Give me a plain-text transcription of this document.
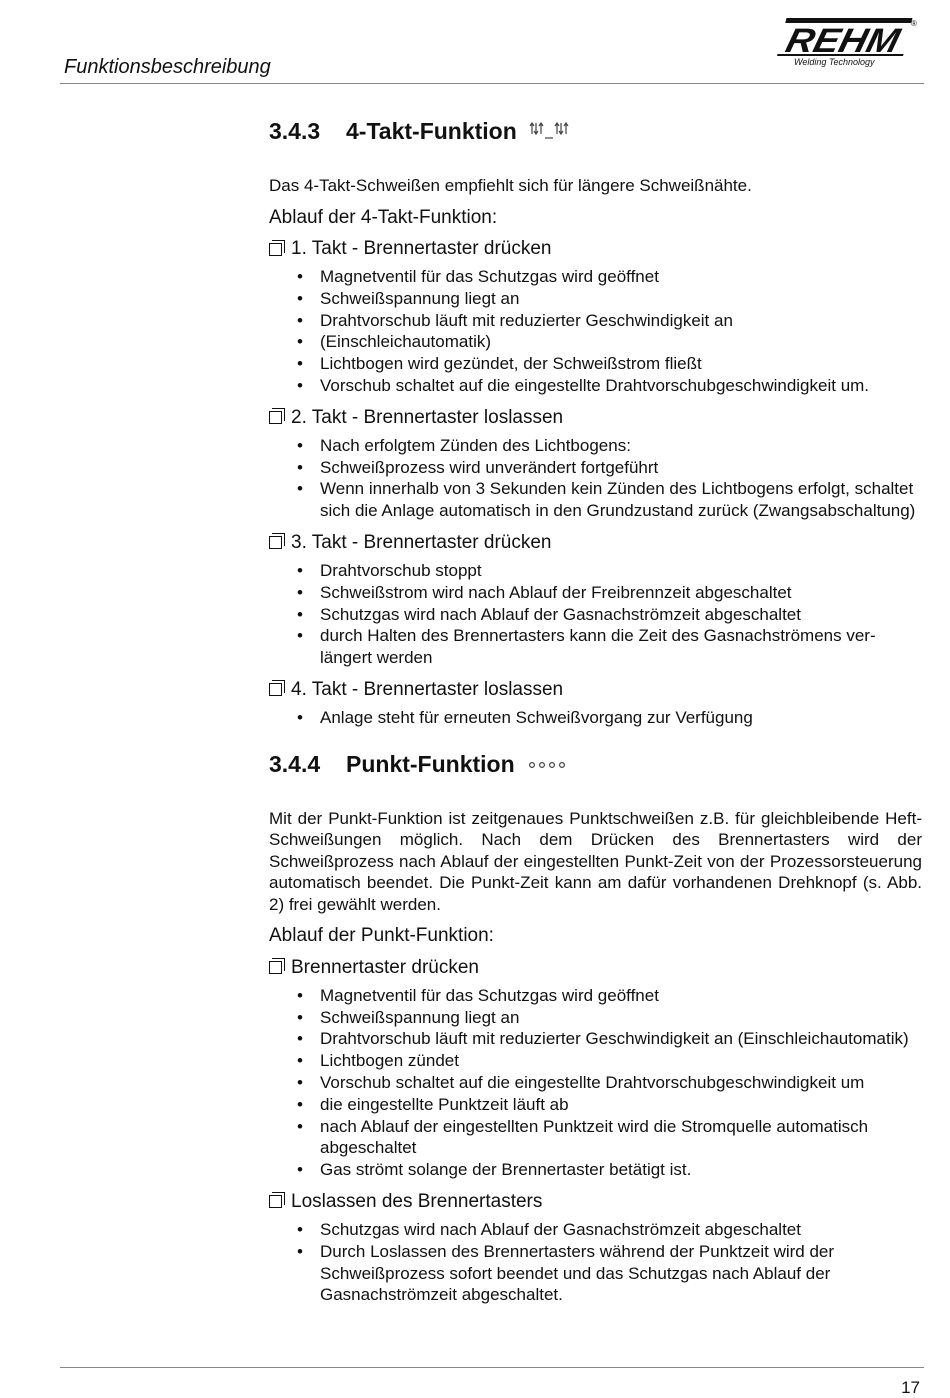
Funktionsbeschreibung
REHM
Welding Technology
®
3.4.3	4-Takt-Funktion

Das 4-Takt-Schweißen empfiehlt sich für längere Schweißnähte.

Ablauf der 4-Takt-Funktion:

1. Takt - Brennertaster drücken
• Magnetventil für das Schutzgas wird geöffnet
• Schweißspannung liegt an
• Drahtvorschub läuft mit reduzierter Geschwindigkeit an
• (Einschleichautomatik)
• Lichtbogen wird gezündet, der Schweißstrom fließt
• Vorschub schaltet auf die eingestellte Drahtvorschubgeschwindigkeit um.
2. Takt - Brennertaster loslassen
• Nach erfolgtem Zünden des Lichtbogens:
• Schweißprozess wird unverändert fortgeführt
• Wenn innerhalb von 3 Sekunden kein Zünden des Lichtbogens erfolgt, schaltet sich die Anlage automatisch in den Grundzustand zurück (Zwangsabschaltung)
3. Takt - Brennertaster drücken
• Drahtvorschub stoppt
• Schweißstrom wird nach Ablauf der Freibrennzeit abgeschaltet
• Schutzgas wird nach Ablauf der Gasnachströmzeit abgeschaltet
• durch Halten des Brennertasters kann die Zeit des Gasnachströmens ver-längert werden
4. Takt - Brennertaster loslassen
• Anlage steht für erneuten Schweißvorgang zur Verfügung
3.4.4	Punkt-Funktion

Mit der Punkt-Funktion ist zeitgenaues Punktschweißen z.B. für gleichbleibende Heft-Schweißungen möglich. Nach dem Drücken des Brennertasters wird der Schweißprozess nach Ablauf der eingestellten Punkt-Zeit von der Prozessorsteuerung automatisch beendet. Die Punkt-Zeit kann am dafür vorhandenen Drehknopf (s. Abb. 2) frei gewählt werden.

Ablauf der Punkt-Funktion:

Brennertaster drücken
• Magnetventil für das Schutzgas wird geöffnet
• Schweißspannung liegt an
• Drahtvorschub läuft mit reduzierter Geschwindigkeit an (Einschleichautomatik)
• Lichtbogen zündet
• Vorschub schaltet auf die eingestellte Drahtvorschubgeschwindigkeit um
• die eingestellte Punktzeit läuft ab
• nach Ablauf der eingestellten Punktzeit wird die Stromquelle automatisch abgeschaltet
• Gas strömt solange der Brennertaster betätigt ist.
Loslassen des Brennertasters
• Schutzgas wird nach Ablauf der Gasnachströmzeit abgeschaltet
• Durch Loslassen des Brennertasters während der Punktzeit wird der Schweißprozess sofort beendet und das Schutzgas nach Ablauf der Gasnachströmzeit abgeschaltet.
17
